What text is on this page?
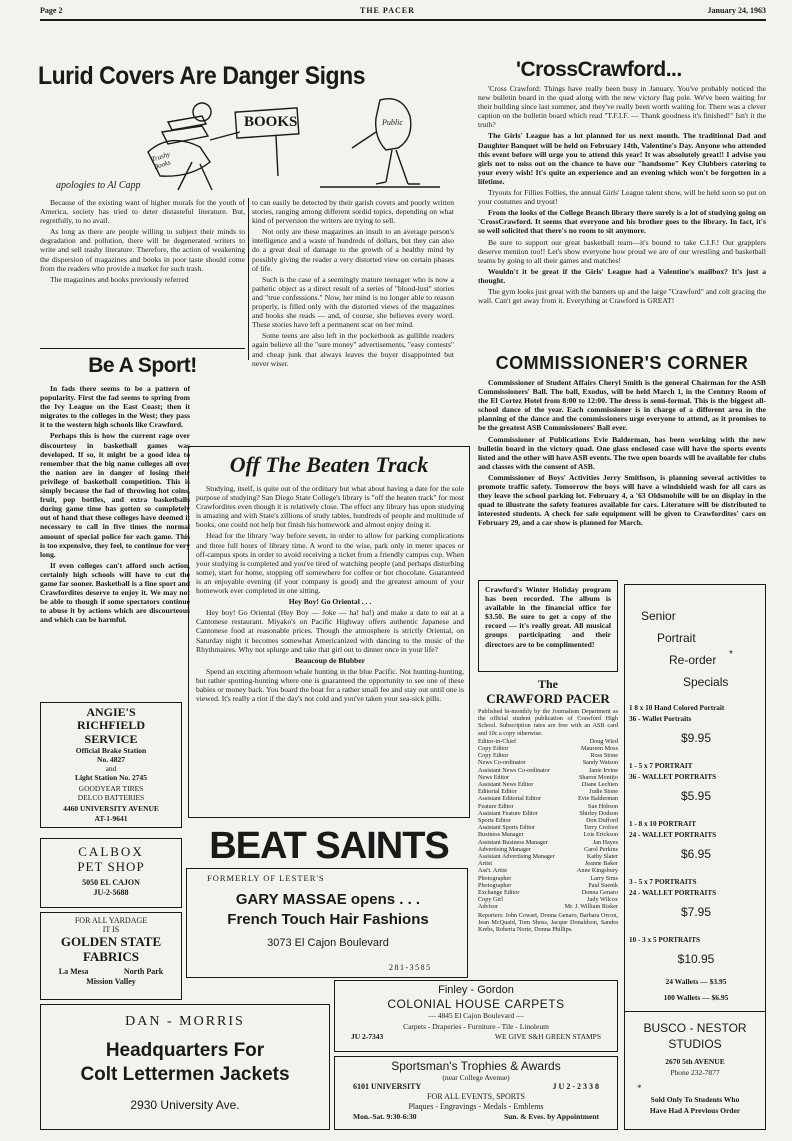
Page 2	THE PACER	January 24, 1963
Lurid Covers Are Danger Signs
BOOKS
Trashy Books
Public
apologies to Al Capp

Because of the existing want of higher morals for the youth of America, society has tried to deter distasteful literature. But, regretfully, to no avail.

As long as there are people willing to subject their minds to degradation and pollution, there will be degenerated writers to write and sell trashy literature. Therefore, the action of weakening the dispersion of magazines and books in poor taste should come from the readers who provide a market for such trash.

The magazines and books previously referred

to can easily be detected by their garish covers and poorly written stories, ranging among different sordid topics, depending on what kind of perversion the writers are trying to sell.

Not only are these magazines an insult to an average person's intelligence and a waste of hundreds of dollars, but they can also do a great deal of damage to the growth of a healthy mind by possibly giving the reader a very distorted view on certain phases of life.

Such is the case of a seemingly mature teenager who is now a pathetic object as a direct result of a series of "blood-lust" stories and "true confessions." Now, her mind is no longer able to reason properly, is filled only with the distorted views of the magazines and books she reads — and, of course, she believes every word. These stories have left a permanent scar on her mind.

Some teens are also left in the pocketbook as gullible readers again believe all the "sure money" advertisements, "easy contests" and cheap junk that always leaves the buyer disappointed but never wiser.

Be A Sport!

In fads there seems to be a pattern of popularity. First the fad seems to spring from the Ivy League on the East Coast; then it migrates to the colleges in the West; they pass it to the western high schools like Crawford.

Perhaps this is how the current rage over discourtesy in basketball games was developed. If so, it might be a good idea to remember that the big name colleges all over the nation are in danger of losing their privilege of basketball competition. This is simply because the fad of throwing hot coins, fruit, pop bottles, and extra basketballs during game time has gotten so completely out of hand that these colleges have deemed it necessary to call in five times the normal amount of special police for each game. This is too expensive, they feel, to continue for very long.

If even colleges can't afford such action, certainly high schools will have to cut the game far sooner. Basketball is a fine sport and Crawfordites deserve to enjoy it. We may not be able to though if some spectators continue to abuse it by actions which are discourteous and which can be harmful.

Off The Beaten Track

Studying, itself, is quite out of the ordinary but what about having a date for the sole purpose of studying? San Diego State College's library is "off the beaten track" for most Crawfordites even though it is relatively close. The effect any library has upon studying is amazing and with State's zillions of study tables, hundreds of people and multitude of books, one could not help but finish his homework and almost enjoy doing it.

Head for the library 'way before seven, in order to allow for parking complications and three full hours of library time. A word to the wise, park only in meter spaces or off-campus spots in order to avoid receiving a ticket from a friendly campus cop. When your studying is completed and you've tired of watching people (and perhaps disturbing some), start for home, stopping off somewhere for coffee or hot chocolate. Guaranteed is an enjoyable evening (if your company is good) and the greatest amount of your homework ever completed in one sitting.

Hey Boy! Go Oriental . . .

Hey boy! Go Oriental (Hey Boy — Joke — ha! ha!) and make a date to eat at a Cantonese restaurant. Miyako's on Pacific Highway offers authentic Japanese and Cantonese food at reasonable prices. Though the atmosphere is strictly Oriental, on Saturday night it becomes somewhat Americanized with dancing to the music of the Rhythmaires. Why not splurge and take that girl out to dinner once in your life?

Beaucoup de Blubber

Spend an exciting afternoon whale hunting in the blue Pacific. Not hunting-hunting, but rather spotting-hunting where one is guaranteed the opportunity to see one of these babies or money back. You board the boat for a rather small fee and stay out until one is viewed. It's really a riot if the day's not cold and you've taken your sea-sick pills.

ANGIE'S
RICHFIELD
SERVICE
Official Brake Station
No. 4827
and
Light Station No. 2745
GOODYEAR TIRES
DELCO BATTERIES
4460 UNIVERSITY AVENUE
AT-1-9641
CALBOX
PET SHOP
5050 EL CAJON
JU-2-5688
FOR ALL YARDAGE
IT IS
GOLDEN STATE
FABRICS
La Mesa	North Park
Mission Valley
DAN - MORRIS
Headquarters For
Colt Lettermen Jackets
2930 University Ave.
BEAT SAINTS
FORMERLY OF LESTER'S
GARY MASSAE opens . . .
French Touch Hair Fashions
3073 El Cajon Boulevard
281-3585
Finley - Gordon
COLONIAL HOUSE CARPETS
— 4845 El Cajon Boulevard —
Carpets - Draperies - Furniture - Tile - Linoleum
JU 2-7343	WE GIVE S&H GREEN STAMPS
Sportsman's Trophies & Awards
(near College Avenue)
6101 UNIVERSITY	J U 2 - 2 3 3 8
FOR ALL EVENTS, SPORTS
Plaques - Engravings - Medals - Emblems
Mon.-Sat. 9:30-6:30	Sun. & Eves. by Appointment
'CrossCrawford...

'Cross Crawford: Things have really been busy in January. You've probably noticed the new bulletin board in the quad along with the new victory flag pole. We've been waiting for their building since last summer, and they've really been worth waiting for. There was a clever caption on the bulletin board which read "T.F.I.F. — Thank goodness it's finished!" Isn't it the truth?

The Girls' League has a lot planned for us next month. The traditional Dad and Daughter Banquet will be held on February 14th, Valentine's Day. Anyone who attended this event before will urge you to attend this year! It was absolutely great!! I advise you girls not to miss out on the chance to have our "handsome" Key Clubbers catering to your every wish! It's quite an experience and an evening which won't be forgotten in a lifetime.

Tryouts for Fillies Follies, the annual Girls' League talent show, will be held soon so put on your costumes and tryout!

From the looks of the College Branch library there surely is a lot of studying going on 'CrossCrawford. It seems that everyone and his brother goes to the library. In fact, it's so well solicited that there's no room to sit anymore.

Be sure to support our great basketball team—it's bound to take C.I.F.! Our grapplers deserve mention too!! Let's show everyone how proud we are of our wrestling and basketball teams by going to all their games and matches!

Wouldn't it be great if the Girls' League had a Valentine's mailbox? It's just a thought.

The gym looks just great with the banners up and the large "Crawford" and colt gracing the wall. Can't get away from it. Everything at Crawford is GREAT!

COMMISSIONER'S CORNER

Commissioner of Student Affairs Cheryl Smith is the general Chairman for the ASB Commissioners' Ball. The ball, Exodus, will be held March 1, in the Century Room of the El Cortez Hotel from 8:00 to 12:00. The dress is semi-formal. This is the biggest all-school dance of the year. Each commissioner is in charge of a different area in the planning of the dance and the commissioners urge everyone to attend, as it promises to be the greatest ASB Commissioners' Ball ever.

Commissioner of Publications Evie Balderman, has been working with the new bulletin board in the victory quad. One glass enclosed case will have the sports events listed and the other will have ASB events. The two open boards will be available for clubs and classes with the consent of ASB.

Commissioner of Boys' Activities Jerry Smithson, is planning several activities to promote traffic safety. Tomorrow the boys will have a windshield wash for all cars as they leave the school parking lot. February 4, a '63 Oldsmobile will be on display in the quad to illustrate the safety features available for cars. Literature will be distributed to interested students. A check for safe equipment will be given to Crawfordites' cars on February 29, and a car show is planned for March.

Crawford's Winter Holiday program has been recorded. The album is available in the financial office for $3.50. Be sure to get a copy of the record — it's really great. All musical groups participating and their directors are to be complimented!
The
CRAWFORD PACER
Published bi-monthly by the Journalism Department as the official student publication of Crawford High School. Subscription rates are free with an ASB card and 10c a copy otherwise.
Editor-in-Chief	Doug Wied
Copy Editor	Maureen Moss
Copy Editor	Ross Stone
News Co-ordinator	Sandy Watson
Assistant News Co-ordinator	Janie Irvine
News Editor	Sharon Montijo
Assistant News Editor	Diane Lechien
Editorial Editor	Judie Stone
Assistant Editorial Editor	Evie Balderman
Feature Editor	Sue Hobson
Assistant Feature Editor	Shirley Dodson
Sports Editor	Don Dufford
Assistant Sports Editor	Terry Crofoot
Business Manager	Lois Erickson
Assistant Business Manager	Jan Hayes
Advertising Manager	Carol Perkins
Assistant Advertising Manager	Kathy Slater
Artist	Jeanne Baker
Ass't. Artist	Anne Kingsbury
Photographer	Larry Sims
Photographer	Paul Suenik
Exchange Editor	Donna Genaro
Copy Girl	Judy Wilcox
Advisor	Mr. J. William Risker
Reporters: John Cowart, Donna Genaro, Barbara Orcon, Jean McQuaid, Tom Shoss, Jacque Donaldson, Sandra Krebs, Roberta Norte, Donna Phillips.
Senior
Portrait
Re-order *
Specials
1 8 x 10 Hand Colored Portrait
36 - Wallet Portraits
$9.95
1 - 5 x 7 PORTRAIT
36 - WALLET PORTRAITS
$5.95
1 - 8 x 10 PORTRAIT
24 - WALLET PORTRAITS
$6.95
3 - 5 x 7 PORTRAITS
24 - WALLET PORTRAITS
$7.95
10 - 3 x 5 PORTRAITS
$10.95
24 Wallets — $3.95
100 Wallets — $6.95
BUSCO - NESTOR
STUDIOS
2670 5th AVENUE
Phone 232-7877
*
Sold Only To Students Who
Have Had A Previous Order
